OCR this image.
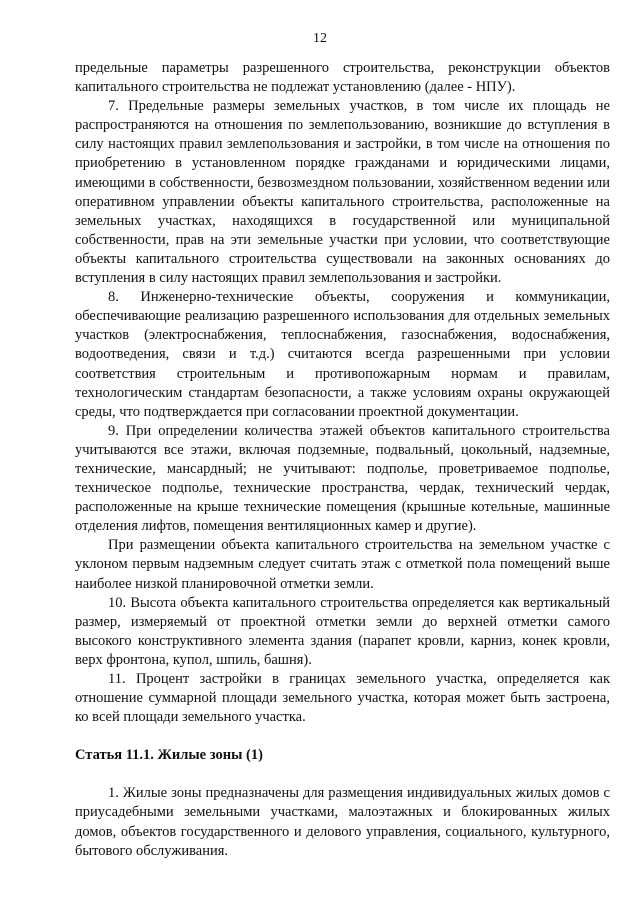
12

предельные параметры разрешенного строительства, реконструкции объектов капитального строительства не подлежат установлению (далее - НПУ).

7. Предельные размеры земельных участков, в том числе их площадь не распространяются на отношения по землепользованию, возникшие до вступления в силу настоящих правил землепользования и застройки, в том числе на отношения по приобретению в установленном порядке гражданами и юридическими лицами, имеющими в собственности, безвозмездном пользовании, хозяйственном ведении или оперативном управлении объекты капитального строительства, расположенные на земельных участках, находящихся в государственной или муниципальной собственности, прав на эти земельные участки при условии, что соответствующие объекты капитального строительства существовали на законных основаниях до вступления в силу настоящих правил землепользования и застройки.

8. Инженерно-технические объекты, сооружения и коммуникации, обеспечивающие реализацию разрешенного использования для отдельных земельных участков (электроснабжения, теплоснабжения, газоснабжения, водоснабжения, водоотведения, связи и т.д.) считаются всегда разрешенными при условии соответствия строительным и противопожарным нормам и правилам, технологическим стандартам безопасности, а также условиям охраны окружающей среды, что подтверждается при согласовании проектной документации.

9. При определении количества этажей объектов капитального строительства учитываются все этажи, включая подземные, подвальный, цокольный, надземные, технические, мансардный; не учитывают: подполье, проветриваемое подполье, техническое подполье, технические пространства, чердак, технический чердак, расположенные на крыше технические помещения (крышные котельные, машинные отделения лифтов, помещения вентиляционных камер и другие).

При размещении объекта капитального строительства на земельном участке с уклоном первым надземным следует считать этаж с отметкой пола помещений выше наиболее низкой планировочной отметки земли.

10. Высота объекта капитального строительства определяется как вертикальный размер, измеряемый от проектной отметки земли до верхней отметки самого высокого конструктивного элемента здания (парапет кровли, карниз, конек кровли, верх фронтона, купол, шпиль, башня).

11. Процент застройки в границах земельного участка, определяется как отношение суммарной площади земельного участка, которая может быть застроена, ко всей площади земельного участка.

Статья 11.1. Жилые зоны (1)

1. Жилые зоны предназначены для размещения индивидуальных жилых домов с приусадебными земельными участками, малоэтажных и блокированных жилых домов, объектов государственного и делового управления, социального, культурного, бытового обслуживания.
